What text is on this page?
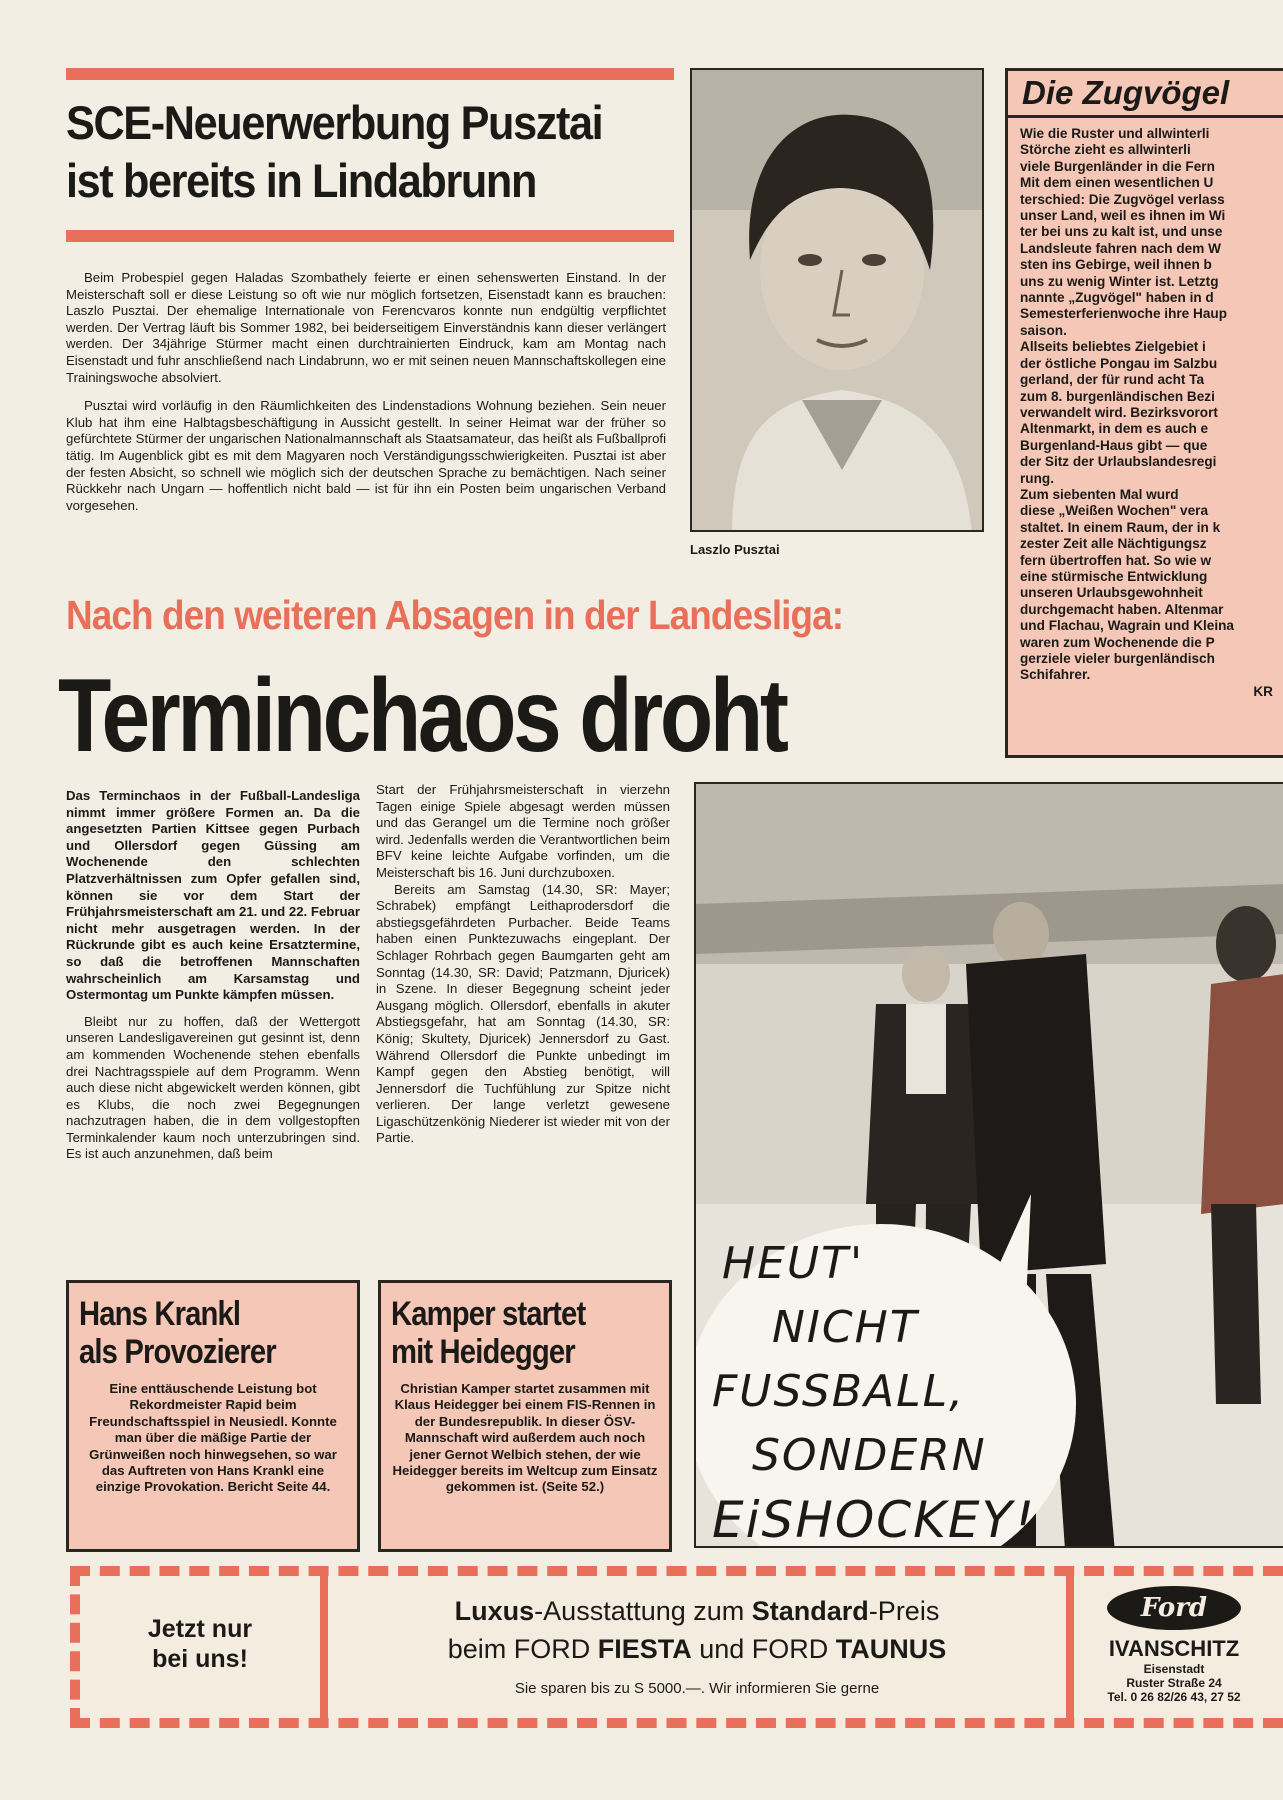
SCE-Neuerwerbung Pusztai
ist bereits in Lindabrunn

Beim Probespiel gegen Haladas Szombathely feierte er einen sehenswerten Einstand. In der Meisterschaft soll er diese Leistung so oft wie nur möglich fortsetzen, Eisenstadt kann es brauchen: Laszlo Pusztai. Der ehemalige Internationale von Ferencvaros konnte nun endgültig verpflichtet werden. Der Vertrag läuft bis Sommer 1982, bei beiderseitigem Einverständnis kann dieser verlängert werden. Der 34jährige Stürmer macht einen durchtrainierten Eindruck, kam am Montag nach Eisenstadt und fuhr anschließend nach Lindabrunn, wo er mit seinen neuen Mannschaftskollegen eine Trainingswoche absolviert.

Pusztai wird vorläufig in den Räumlichkeiten des Lindenstadions Wohnung beziehen. Sein neuer Klub hat ihm eine Halbtagsbeschäftigung in Aussicht gestellt. In seiner Heimat war der früher so gefürchtete Stürmer der ungarischen Nationalmannschaft als Staatsamateur, das heißt als Fußballprofi tätig. Im Augenblick gibt es mit dem Magyaren noch Verständigungsschwierigkeiten. Pusztai ist aber der festen Absicht, so schnell wie möglich sich der deutschen Sprache zu bemächtigen. Nach seiner Rückkehr nach Ungarn — hoffentlich nicht bald — ist für ihn ein Posten beim ungarischen Verband vorgesehen.

Laszlo Pusztai
Die Zugvögel

Wie die Ruster und allwinterli

Störche zieht es allwinterli

viele Burgenländer in die Fern

Mit dem einen wesentlichen U

terschied: Die Zugvögel verlass

unser Land, weil es ihnen im Wi

ter bei uns zu kalt ist, und unse

Landsleute fahren nach dem W

sten ins Gebirge, weil ihnen b

uns zu wenig Winter ist. Letztg

nannte „Zugvögel" haben in d

Semesterferienwoche ihre Haup

saison.

Allseits beliebtes Zielgebiet i

der östliche Pongau im Salzbu

gerland, der für rund acht Ta

zum 8. burgenländischen Bezi

verwandelt wird. Bezirksvorort

Altenmarkt, in dem es auch e

Burgenland-Haus gibt — que

der Sitz der Urlaubslandesregi

rung.

Zum siebenten Mal wurd

diese „Weißen Wochen" vera

staltet. In einem Raum, der in k

zester Zeit alle Nächtigungsz

fern übertroffen hat. So wie w

eine stürmische Entwicklung

unseren Urlaubsgewohnheit

durchgemacht haben. Altenmar

und Flachau, Wagrain und Kleina

waren zum Wochenende die P

gerziele vieler burgenländisch

Schifahrer.

KR

Nach den weiteren Absagen in der Landesliga:
Terminchaos droht

Das Terminchaos in der Fußball-Landesliga nimmt immer größere Formen an. Da die angesetzten Partien Kittsee gegen Purbach und Ollersdorf gegen Güssing am Wochenende den schlechten Platzverhältnissen zum Opfer gefallen sind, können sie vor dem Start der Frühjahrsmeisterschaft am 21. und 22. Februar nicht mehr ausgetragen werden. In der Rückrunde gibt es auch keine Ersatztermine, so daß die betroffenen Mannschaften wahrscheinlich am Karsamstag und Ostermontag um Punkte kämpfen müssen.

Bleibt nur zu hoffen, daß der Wettergott unseren Landesligavereinen gut gesinnt ist, denn am kommenden Wochenende stehen ebenfalls drei Nachtragsspiele auf dem Programm. Wenn auch diese nicht abgewickelt werden können, gibt es Klubs, die noch zwei Begegnungen nachzutragen haben, die in dem vollgestopften Terminkalender kaum noch unterzubringen sind. Es ist auch anzunehmen, daß beim

Start der Frühjahrsmeisterschaft in vierzehn Tagen einige Spiele abgesagt werden müssen und das Gerangel um die Termine noch größer wird. Jedenfalls werden die Verantwortlichen beim BFV keine leichte Aufgabe vorfinden, um die Meisterschaft bis 16. Juni durchzuboxen.

Bereits am Samstag (14.30, SR: Mayer; Schrabek) empfängt Leithaprodersdorf die abstiegsgefährdeten Purbacher. Beide Teams haben einen Punktezuwachs eingeplant. Der Schlager Rohrbach gegen Baumgarten geht am Sonntag (14.30, SR: David; Patzmann, Djuricek) in Szene. In dieser Begegnung scheint jeder Ausgang möglich. Ollersdorf, ebenfalls in akuter Abstiegsgefahr, hat am Sonntag (14.30, SR: König; Skultety, Djuricek) Jennersdorf zu Gast. Während Ollersdorf die Punkte unbedingt im Kampf gegen den Abstieg benötigt, will Jennersdorf die Tuchfühlung zur Spitze nicht verlieren. Der lange verletzt gewesene Ligaschützenkönig Niederer ist wieder mit von der Partie.

HEUT'
NICHT
FUSSBALL,
SONDERN
EiSHOCKEY!
Hans Krankl
als Provozierer
Eine enttäuschende Leistung bot Rekordmeister Rapid beim Freundschaftsspiel in Neusiedl. Konnte man über die mäßige Partie der Grünweißen noch hinwegsehen, so war das Auftreten von Hans Krankl eine einzige Provokation. Bericht Seite 44.
Kamper startet
mit Heidegger
Christian Kamper startet zusammen mit Klaus Heidegger bei einem FIS-Rennen in der Bundesrepublik. In dieser ÖSV-Mannschaft wird außerdem auch noch jener Gernot Welbich stehen, der wie Heidegger bereits im Weltcup zum Einsatz gekommen ist. (Seite 52.)
Jetzt nur
bei uns!
Luxus-Ausstattung zum Standard-Preis
beim FORD FIESTA und FORD TAUNUS
Sie sparen bis zu S 5000.—. Wir informieren Sie gerne
Ford
IVANSCHITZ
Eisenstadt
Ruster Straße 24
Tel. 0 26 82/26 43, 27 52
